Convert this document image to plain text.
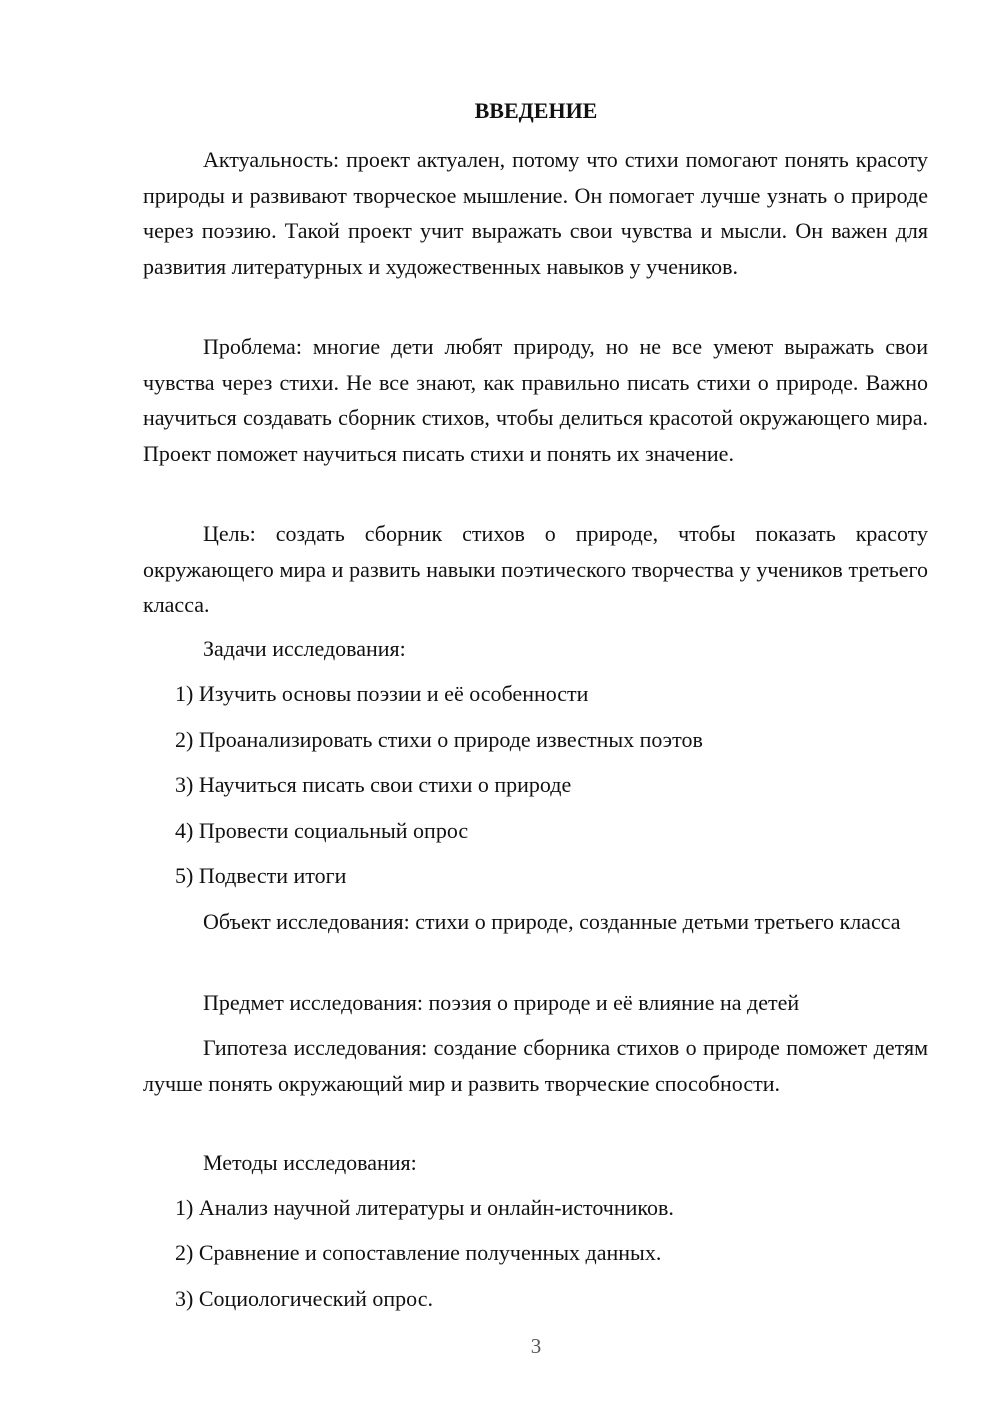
ВВЕДЕНИЕ

Актуальность: проект актуален, потому что стихи помогают понять красоту природы и развивают творческое мышление. Он помогает лучше узнать о природе через поэзию. Такой проект учит выражать свои чувства и мысли. Он важен для развития литературных и художественных навыков у учеников.

Проблема: многие дети любят природу, но не все умеют выражать свои чувства через стихи. Не все знают, как правильно писать стихи о природе. Важно научиться создавать сборник стихов, чтобы делиться красотой окружающего мира. Проект поможет научиться писать стихи и понять их значение.

Цель: создать сборник стихов о природе, чтобы показать красоту окружающего мира и развить навыки поэтического творчества у учеников третьего класса.

Задачи исследования:
1) Изучить основы поэзии и её особенности
2) Проанализировать стихи о природе известных поэтов
3) Научиться писать свои стихи о природе
4) Провести социальный опрос
5) Подвести итоги

Объект исследования: стихи о природе, созданные детьми третьего класса

Предмет исследования: поэзия о природе и её влияние на детей

Гипотеза исследования: создание сборника стихов о природе поможет детям лучше понять окружающий мир и развить творческие способности.

Методы исследования:
1) Анализ научной литературы и онлайн-источников.
2) Сравнение и сопоставление полученных данных.
3) Социологический опрос.
3
